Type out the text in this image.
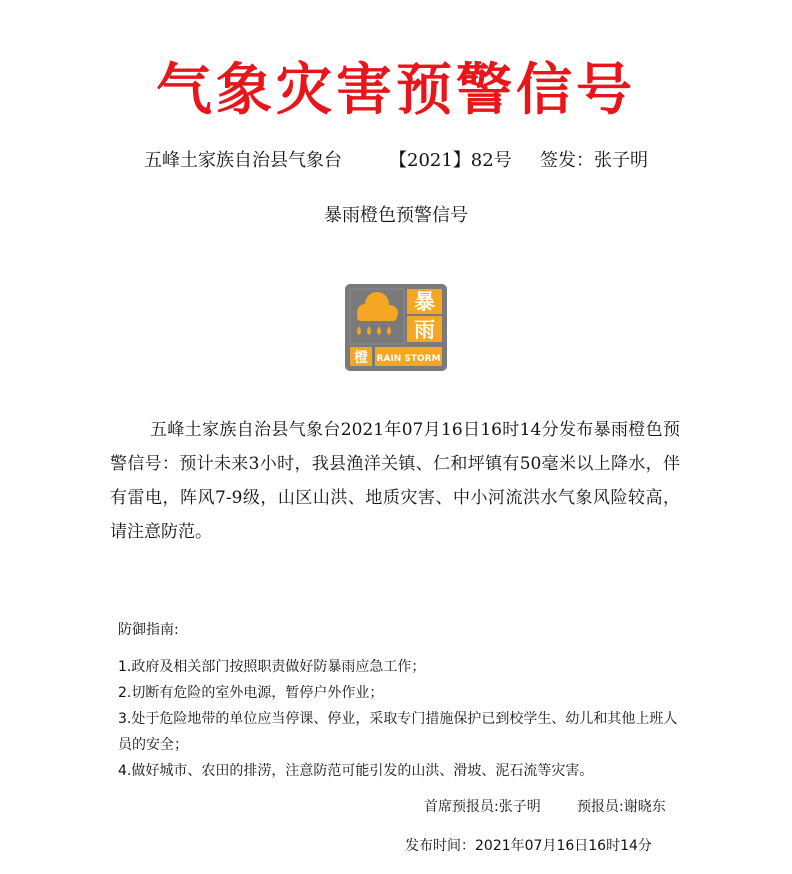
气象灾害预警信号
五峰土家族自治县气象台	【2021】82号 签发：张子明
暴雨橙色预警信号
暴
雨
橙 RAIN STORM
五峰土家族自治县气象台2021年07月16日16时14分发布暴雨橙色预警信号：预计未来3小时，我县渔洋关镇、仁和坪镇有50毫米以上降水，伴有雷电，阵风7-9级，山区山洪、地质灾害、中小河流洪水气象风险较高，请注意防范。
防御指南:
1.政府及相关部门按照职责做好防暴雨应急工作；
2.切断有危险的室外电源，暂停户外作业；
3.处于危险地带的单位应当停课、停业，采取专门措施保护已到校学生、幼儿和其他上班人员的安全；
4.做好城市、农田的排涝，注意防范可能引发的山洪、滑坡、泥石流等灾害。
首席预报员:张子明	预报员:谢晓东
发布时间：2021年07月16日16时14分
